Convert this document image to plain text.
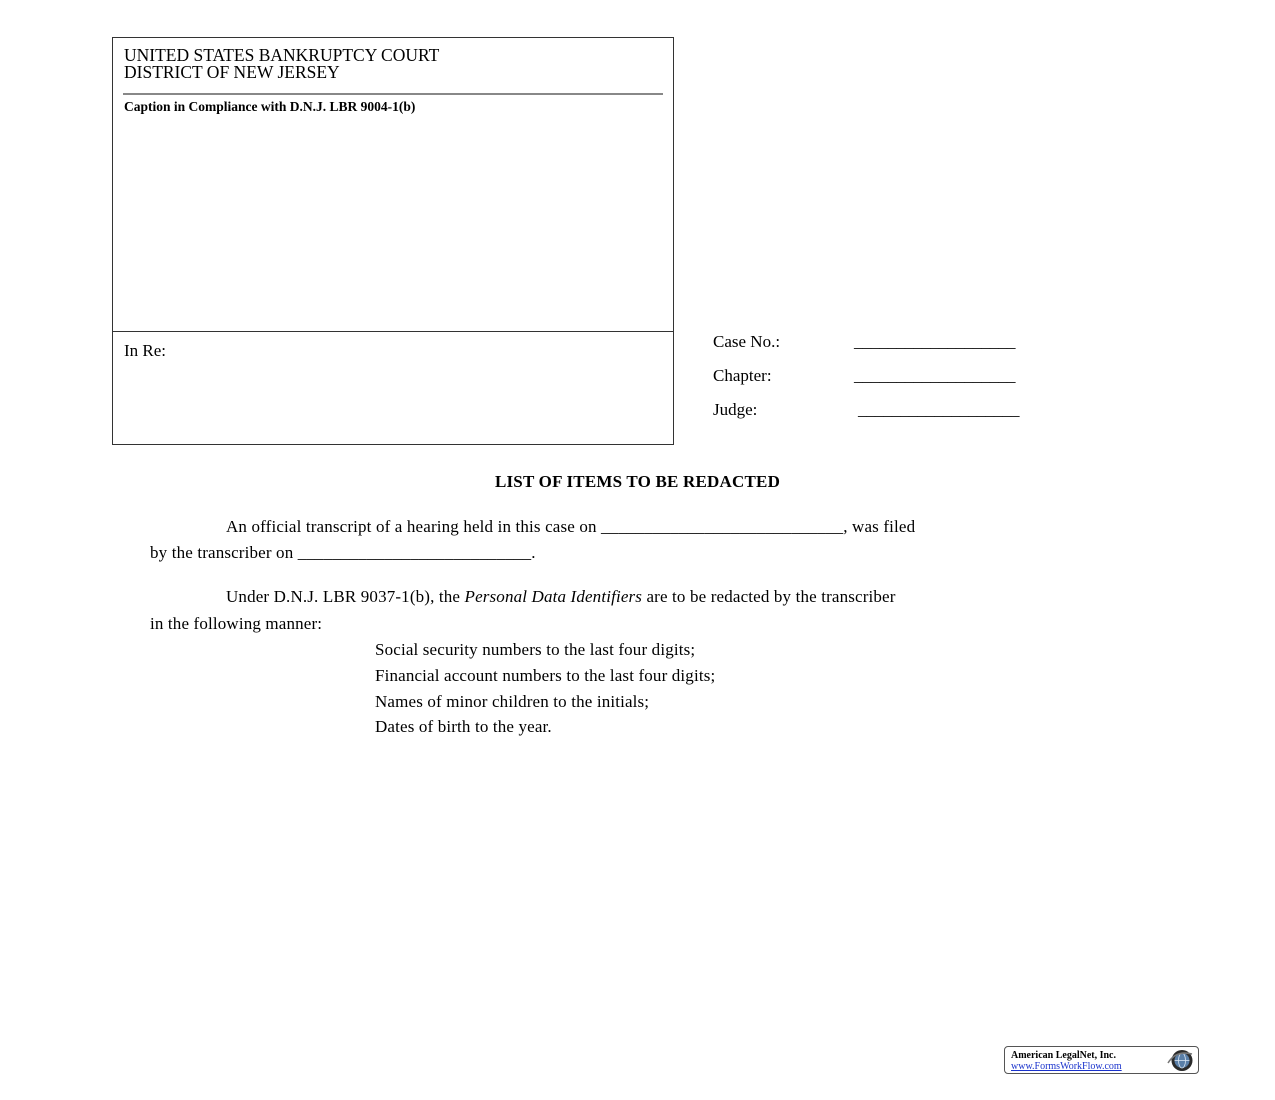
UNITED STATES BANKRUPTCY COURT
DISTRICT OF NEW JERSEY
Caption in Compliance with D.N.J. LBR 9004-1(b)
In Re:	Case No.:	___________________
Chapter:	___________________
Judge:	___________________
LIST OF ITEMS TO BE REDACTED
An official transcript of a hearing held in this case on ____________________________, was filed
by the transcriber on ___________________________.
Under D.N.J. LBR 9037-1(b), the Personal Data Identifiers are to be redacted by the transcriber
in the following manner:
Social security numbers to the last four digits;
Financial account numbers to the last four digits;
Names of minor children to the initials;
Dates of birth to the year.
American LegalNet, Inc.
www.FormsWorkFlow.com
